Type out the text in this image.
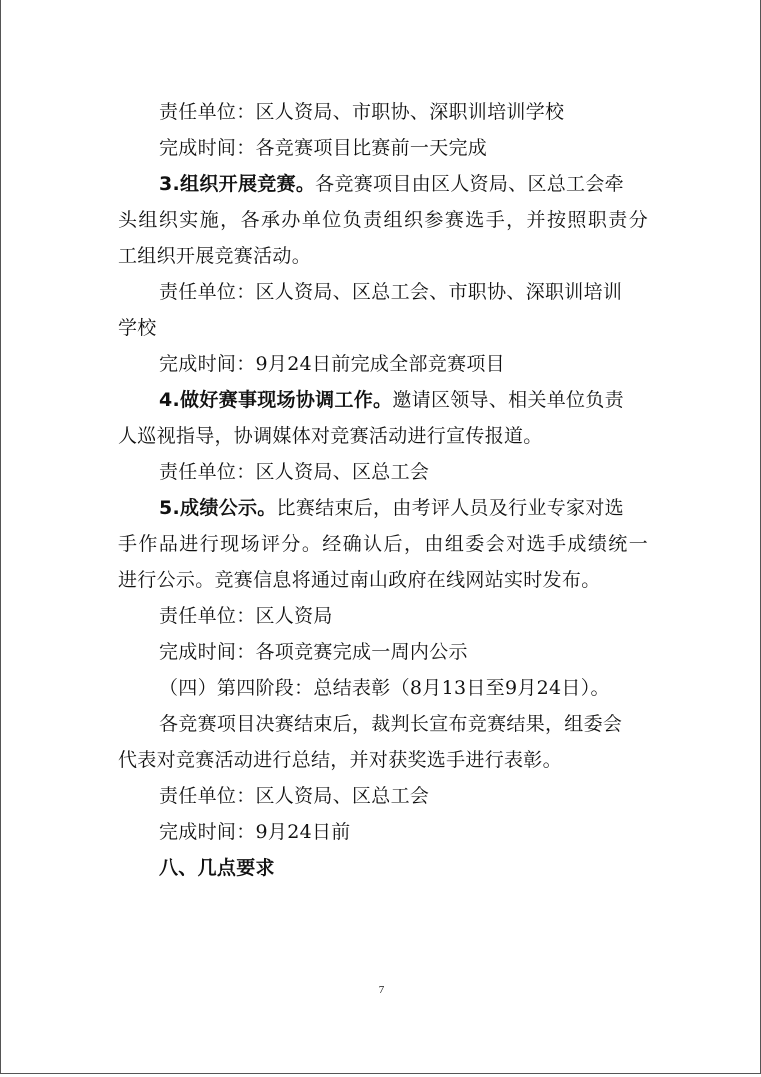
责任单位：区人资局、市职协、深职训培训学校
完成时间：各竞赛项目比赛前一天完成
3.组织开展竞赛。各竞赛项目由区人资局、区总工会牵
头组织实施，各承办单位负责组织参赛选手，并按照职责分
工组织开展竞赛活动。
责任单位：区人资局、区总工会、市职协、深职训培训
学校
完成时间：9月24日前完成全部竞赛项目
4.做好赛事现场协调工作。邀请区领导、相关单位负责
人巡视指导，协调媒体对竞赛活动进行宣传报道。
责任单位：区人资局、区总工会
5.成绩公示。比赛结束后，由考评人员及行业专家对选
手作品进行现场评分。经确认后，由组委会对选手成绩统一
进行公示。竞赛信息将通过南山政府在线网站实时发布。
责任单位：区人资局
完成时间：各项竞赛完成一周内公示
（四）第四阶段：总结表彰（8月13日至9月24日）。
各竞赛项目决赛结束后，裁判长宣布竞赛结果，组委会
代表对竞赛活动进行总结，并对获奖选手进行表彰。
责任单位：区人资局、区总工会
完成时间：9月24日前
八、几点要求
7
